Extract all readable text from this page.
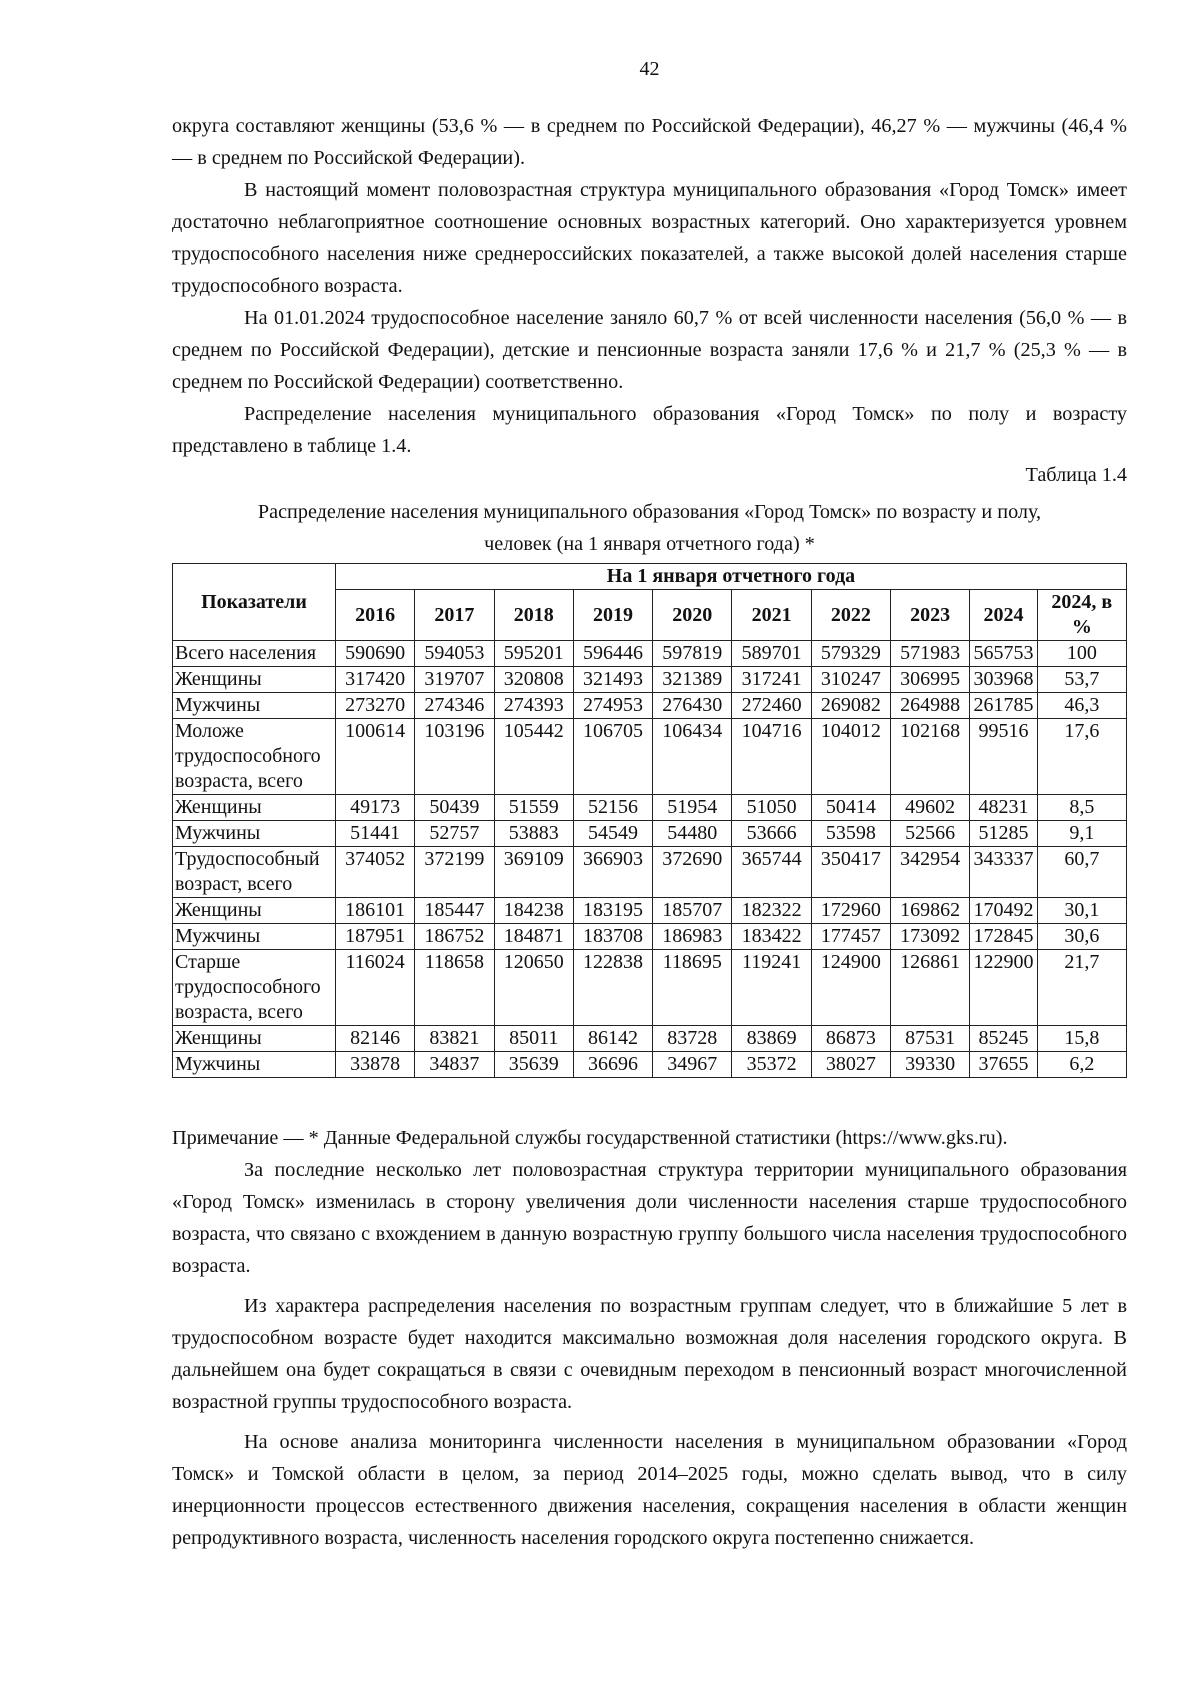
42

округа составляют женщины (53,6 % — в среднем по Российской Федерации), 46,27 % — мужчины (46,4 % — в среднем по Российской Федерации).

В настоящий момент половозрастная структура муниципального образования «Город Томск» имеет достаточно неблагоприятное соотношение основных возрастных категорий. Оно характеризуется уровнем трудоспособного населения ниже среднероссийских показателей, а также высокой долей населения старше трудоспособного возраста.

На 01.01.2024 трудоспособное население заняло 60,7 % от всей численности населения (56,0 % — в среднем по Российской Федерации), детские и пенсионные возраста заняли 17,6 % и 21,7 % (25,3 % — в среднем по Российской Федерации) соответственно.

Распределение населения муниципального образования «Город Томск» по полу и возрасту представлено в таблице 1.4.

Таблица 1.4
Распределение населения муниципального образования «Город Томск» по возрасту и полу,
человек (на 1 января отчетного года) *
Показатели	На 1 января отчетного года									
	2016	2017	2018	2019	2020	2021	2022	2023	2024	2024, в %
Всего населения	590690	594053	595201	596446	597819	589701	579329	571983	565753	100
Женщины	317420	319707	320808	321493	321389	317241	310247	306995	303968	53,7
Мужчины	273270	274346	274393	274953	276430	272460	269082	264988	261785	46,3
Моложе трудоспособного возраста, всего	100614	103196	105442	106705	106434	104716	104012	102168	99516	17,6
Женщины	49173	50439	51559	52156	51954	51050	50414	49602	48231	8,5
Мужчины	51441	52757	53883	54549	54480	53666	53598	52566	51285	9,1
Трудоспособный возраст, всего	374052	372199	369109	366903	372690	365744	350417	342954	343337	60,7
Женщины	186101	185447	184238	183195	185707	182322	172960	169862	170492	30,1
Мужчины	187951	186752	184871	183708	186983	183422	177457	173092	172845	30,6
Старше трудоспособного возраста, всего	116024	118658	120650	122838	118695	119241	124900	126861	122900	21,7
Женщины	82146	83821	85011	86142	83728	83869	86873	87531	85245	15,8
Мужчины	33878	34837	35639	36696	34967	35372	38027	39330	37655	6,2
Примечание — * Данные Федеральной службы государственной статистики (https://www.gks.ru).

За последние несколько лет половозрастная структура территории муниципального образования «Город Томск» изменилась в сторону увеличения доли численности населения старше трудоспособного возраста, что связано с вхождением в данную возрастную группу большого числа населения трудоспособного возраста.

Из характера распределения населения по возрастным группам следует, что в ближайшие 5 лет в трудоспособном возрасте будет находится максимально возможная доля населения городского округа. В дальнейшем она будет сокращаться в связи с очевидным переходом в пенсионный возраст многочисленной возрастной группы трудоспособного возраста.

На основе анализа мониторинга численности населения в муниципальном образовании «Город Томск» и Томской области в целом, за период 2014–2025 годы, можно сделать вывод, что в силу инерционности процессов естественного движения населения, сокращения населения в области женщин репродуктивного возраста, численность населения городского округа постепенно снижается.
